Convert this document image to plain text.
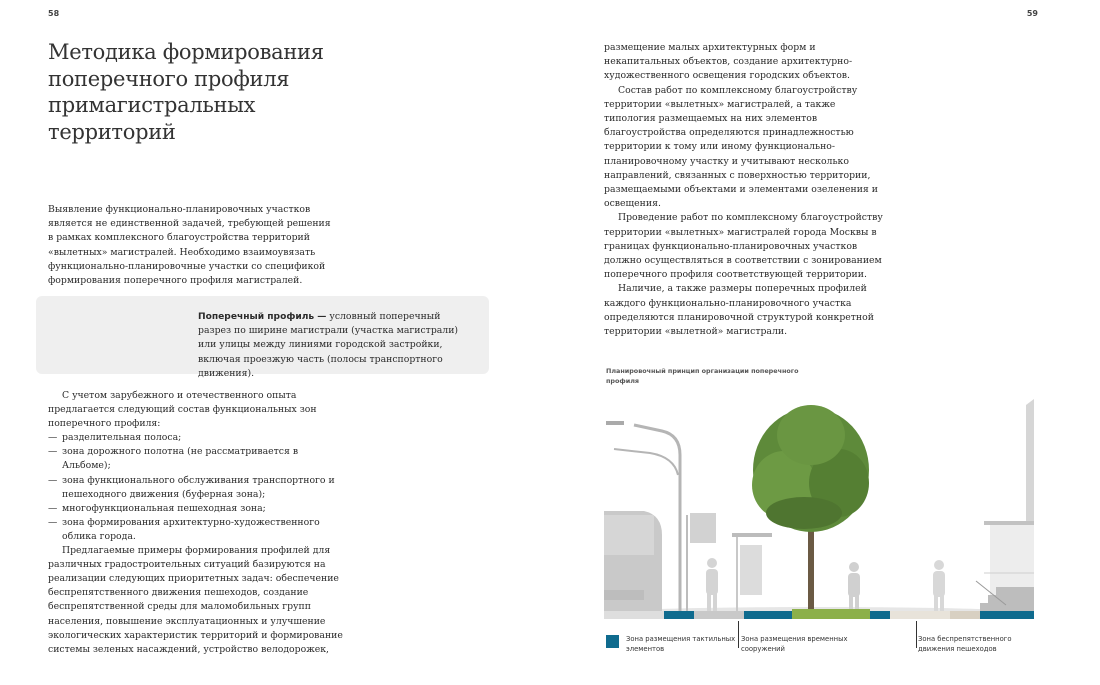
58
Методика формирования поперечного профиля примагистральных территорий

Выявление функционально-планировочных участков является не единственной задачей, требующей решения в рамках комплексного благоустройства территорий «вылетных» магистралей. Необходимо взаимоувязать функционально-планировочные участки со спецификой формирования поперечного профиля магистралей.

Поперечный профиль — условный поперечный разрез по ширине магистрали (участка магистрали) или улицы между линиями городской застройки, включая проезжую часть (полосы транспортного движения).

С учетом зарубежного и отечественного опыта предлагается следующий состав функциональных зон поперечного профиля:

— разделительная полоса;
— зона дорожного полотна (не рассматривается в Альбоме);
— зона функционального обслуживания транспортного и пешеходного движения (буферная зона);
— многофункциональная пешеходная зона;
— зона формирования архитектурно-художественного облика города.

Предлагаемые примеры формирования профилей для различных градостроительных ситуаций базируются на реализации следующих приоритетных задач: обеспечение беспрепятственного движения пешеходов, создание беспрепятственной среды для маломобильных групп населения, повышение эксплуатационных и улучшение экологических характеристик территорий и формирование системы зеленых насаждений, устройство велодорожек,

59

размещение малых архитектурных форм и некапитальных объектов, создание архитектурно-художественного освещения городских объектов.

Состав работ по комплексному благоустройству территории «вылетных» магистралей, а также типология размещаемых на них элементов благоустройства определяются принадлежностью территории к тому или иному функционально-планировочному участку и учитывают несколько направлений, связанных с поверхностью территории, размещаемыми объектами и элементами озеленения и освещения.

Проведение работ по комплексному благоустройству территории «вылетных» магистралей города Москвы в границах функционально-планировочных участков должно осуществляться в соответствии с зонированием поперечного профиля соответствующей территории.

Наличие, а также размеры поперечных профилей каждого функционально-планировочного участка определяются планировочной структурой конкретной территории «вылетной» магистрали.

Планировочный принцип организации поперечного профиля
Зона размещения тактильных элементов
Зона размещения временных сооружений
Зона беспрепятственного движения пешеходов
